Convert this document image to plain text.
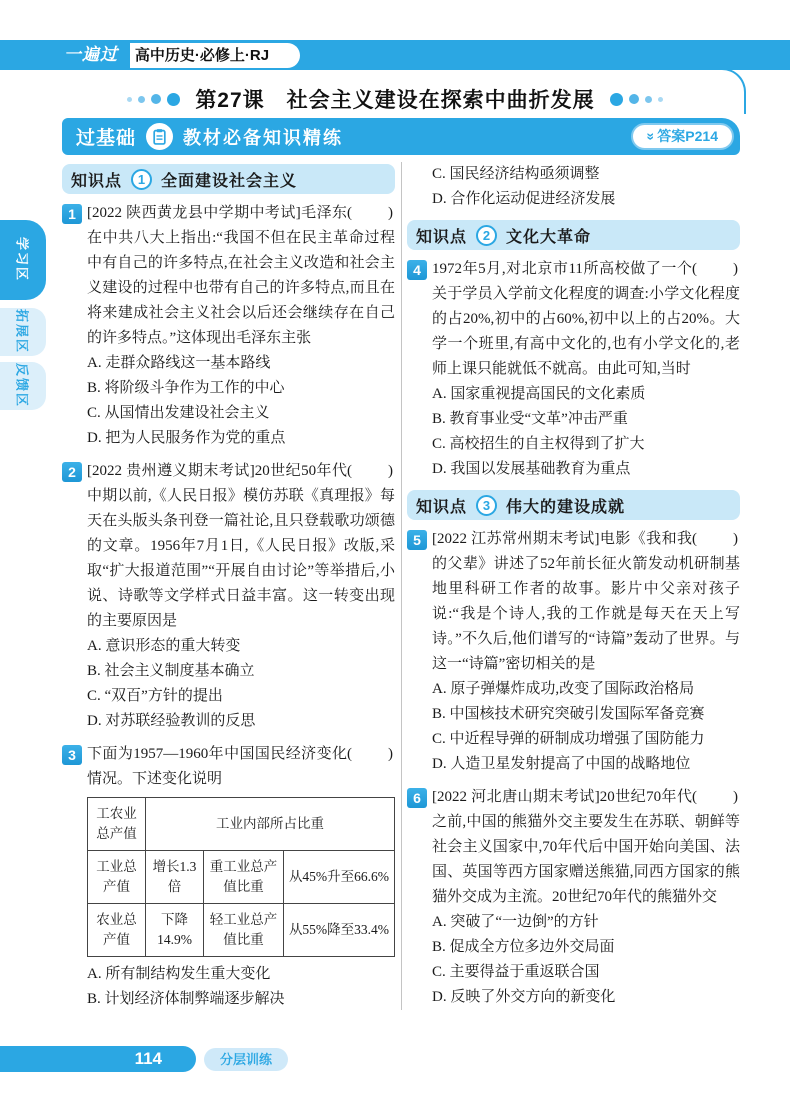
一遍过	高中历史·必修上·RJ
第27课　社会主义建设在探索中曲折发展
过基础	教材必备知识精练	»答案P214
学习区
拓展区
反馈区
知识点	1 全面建设社会主义
1	(　　)
[2022 陕西黄龙县中学期中考试]毛泽东在中共八大上指出:“我国不但在民主革命过程中有自己的许多特点,在社会主义改造和社会主义建设的过程中也带有自己的许多特点,而且在将来建成社会主义社会以后还会继续存在自己的许多特点。”这体现出毛泽东主张

A. 走群众路线这一基本路线
B. 将阶级斗争作为工作的中心
C. 从国情出发建设社会主义
D. 把为人民服务作为党的重点
2	(　　)
[2022 贵州遵义期末考试]20世纪50年代中期以前,《人民日报》模仿苏联《真理报》每天在头版头条刊登一篇社论,且只登载歌功颂德的文章。1956年7月1日,《人民日报》改版,采取“扩大报道范围”“开展自由讨论”等举措后,小说、诗歌等文学样式日益丰富。这一转变出现的主要原因是

A. 意识形态的重大转变
B. 社会主义制度基本确立
C. “双百”方针的提出
D. 对苏联经验教训的反思
3	(　　)
下面为1957—1960年中国国民经济变化情况。下述变化说明

工农业总产值	工业内部所占比重		
工业总产值	增长1.3倍	重工业总产值比重	从45%升至66.6%
农业总产值	下降14.9%	轻工业总产值比重	从55%降至33.4%
A. 所有制结构发生重大变化
B. 计划经济体制弊端逐步解决
C. 国民经济结构亟须调整
D. 合作化运动促进经济发展
知识点	2 文化大革命
4	(　　)
1972年5月,对北京市11所高校做了一个关于学员入学前文化程度的调查:小学文化程度的占20%,初中的占60%,初中以上的占20%。大学一个班里,有高中文化的,也有小学文化的,老师上课只能就低不就高。由此可知,当时

A. 国家重视提高国民的文化素质
B. 教育事业受“文革”冲击严重
C. 高校招生的自主权得到了扩大
D. 我国以发展基础教育为重点
知识点	3 伟大的建设成就
5	(　　)
[2022 江苏常州期末考试]电影《我和我的父辈》讲述了52年前长征火箭发动机研制基地里科研工作者的故事。影片中父亲对孩子说:“我是个诗人,我的工作就是每天在天上写诗。”不久后,他们谱写的“诗篇”轰动了世界。与这一“诗篇”密切相关的是

A. 原子弹爆炸成功,改变了国际政治格局
B. 中国核技术研究突破引发国际军备竞赛
C. 中近程导弹的研制成功增强了国防能力
D. 人造卫星发射提高了中国的战略地位
6	(　　)
[2022 河北唐山期末考试]20世纪70年代之前,中国的熊猫外交主要发生在苏联、朝鲜等社会主义国家中,70年代后中国开始向美国、法国、英国等西方国家赠送熊猫,同西方国家的熊猫外交成为主流。20世纪70年代的熊猫外交

A. 突破了“一边倒”的方针
B. 促成全方位多边外交局面
C. 主要得益于重返联合国
D. 反映了外交方向的新变化
114	分层训练
